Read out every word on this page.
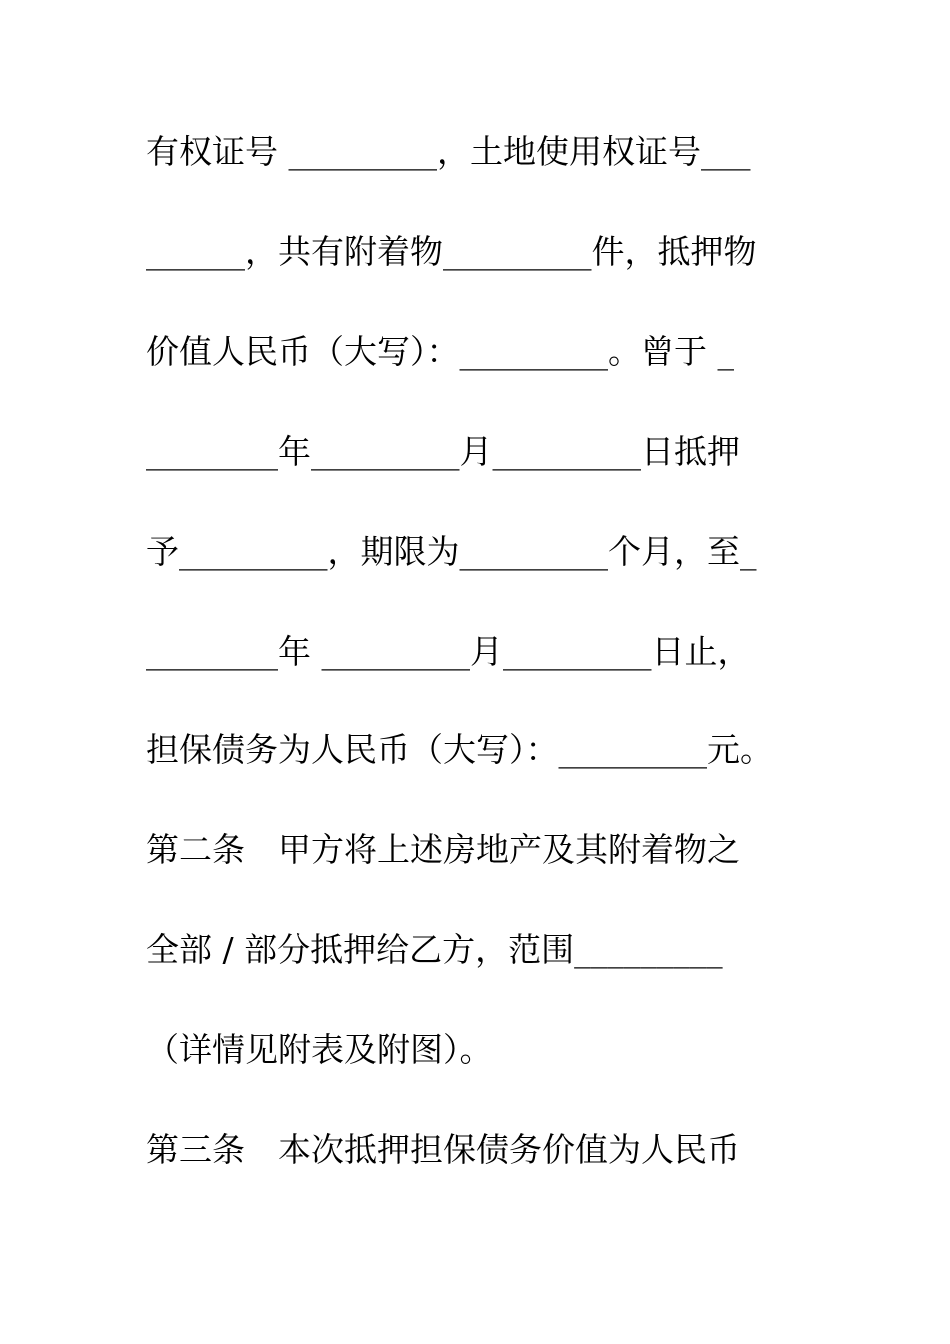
有权证号 _________，土地使用权证号___
______，共有附着物_________件，抵押物
价值人民币（大写）：_________。曾于 _
________年_________月_________日抵押
予_________，期限为_________个月，至_
________年 _________月_________日止，
担保债务为人民币（大写）：_________元。
第二条　甲方将上述房地产及其附着物之
全部 / 部分抵押给乙方，范围_________
（详情见附表及附图）。
第三条　本次抵押担保债务价值为人民币
